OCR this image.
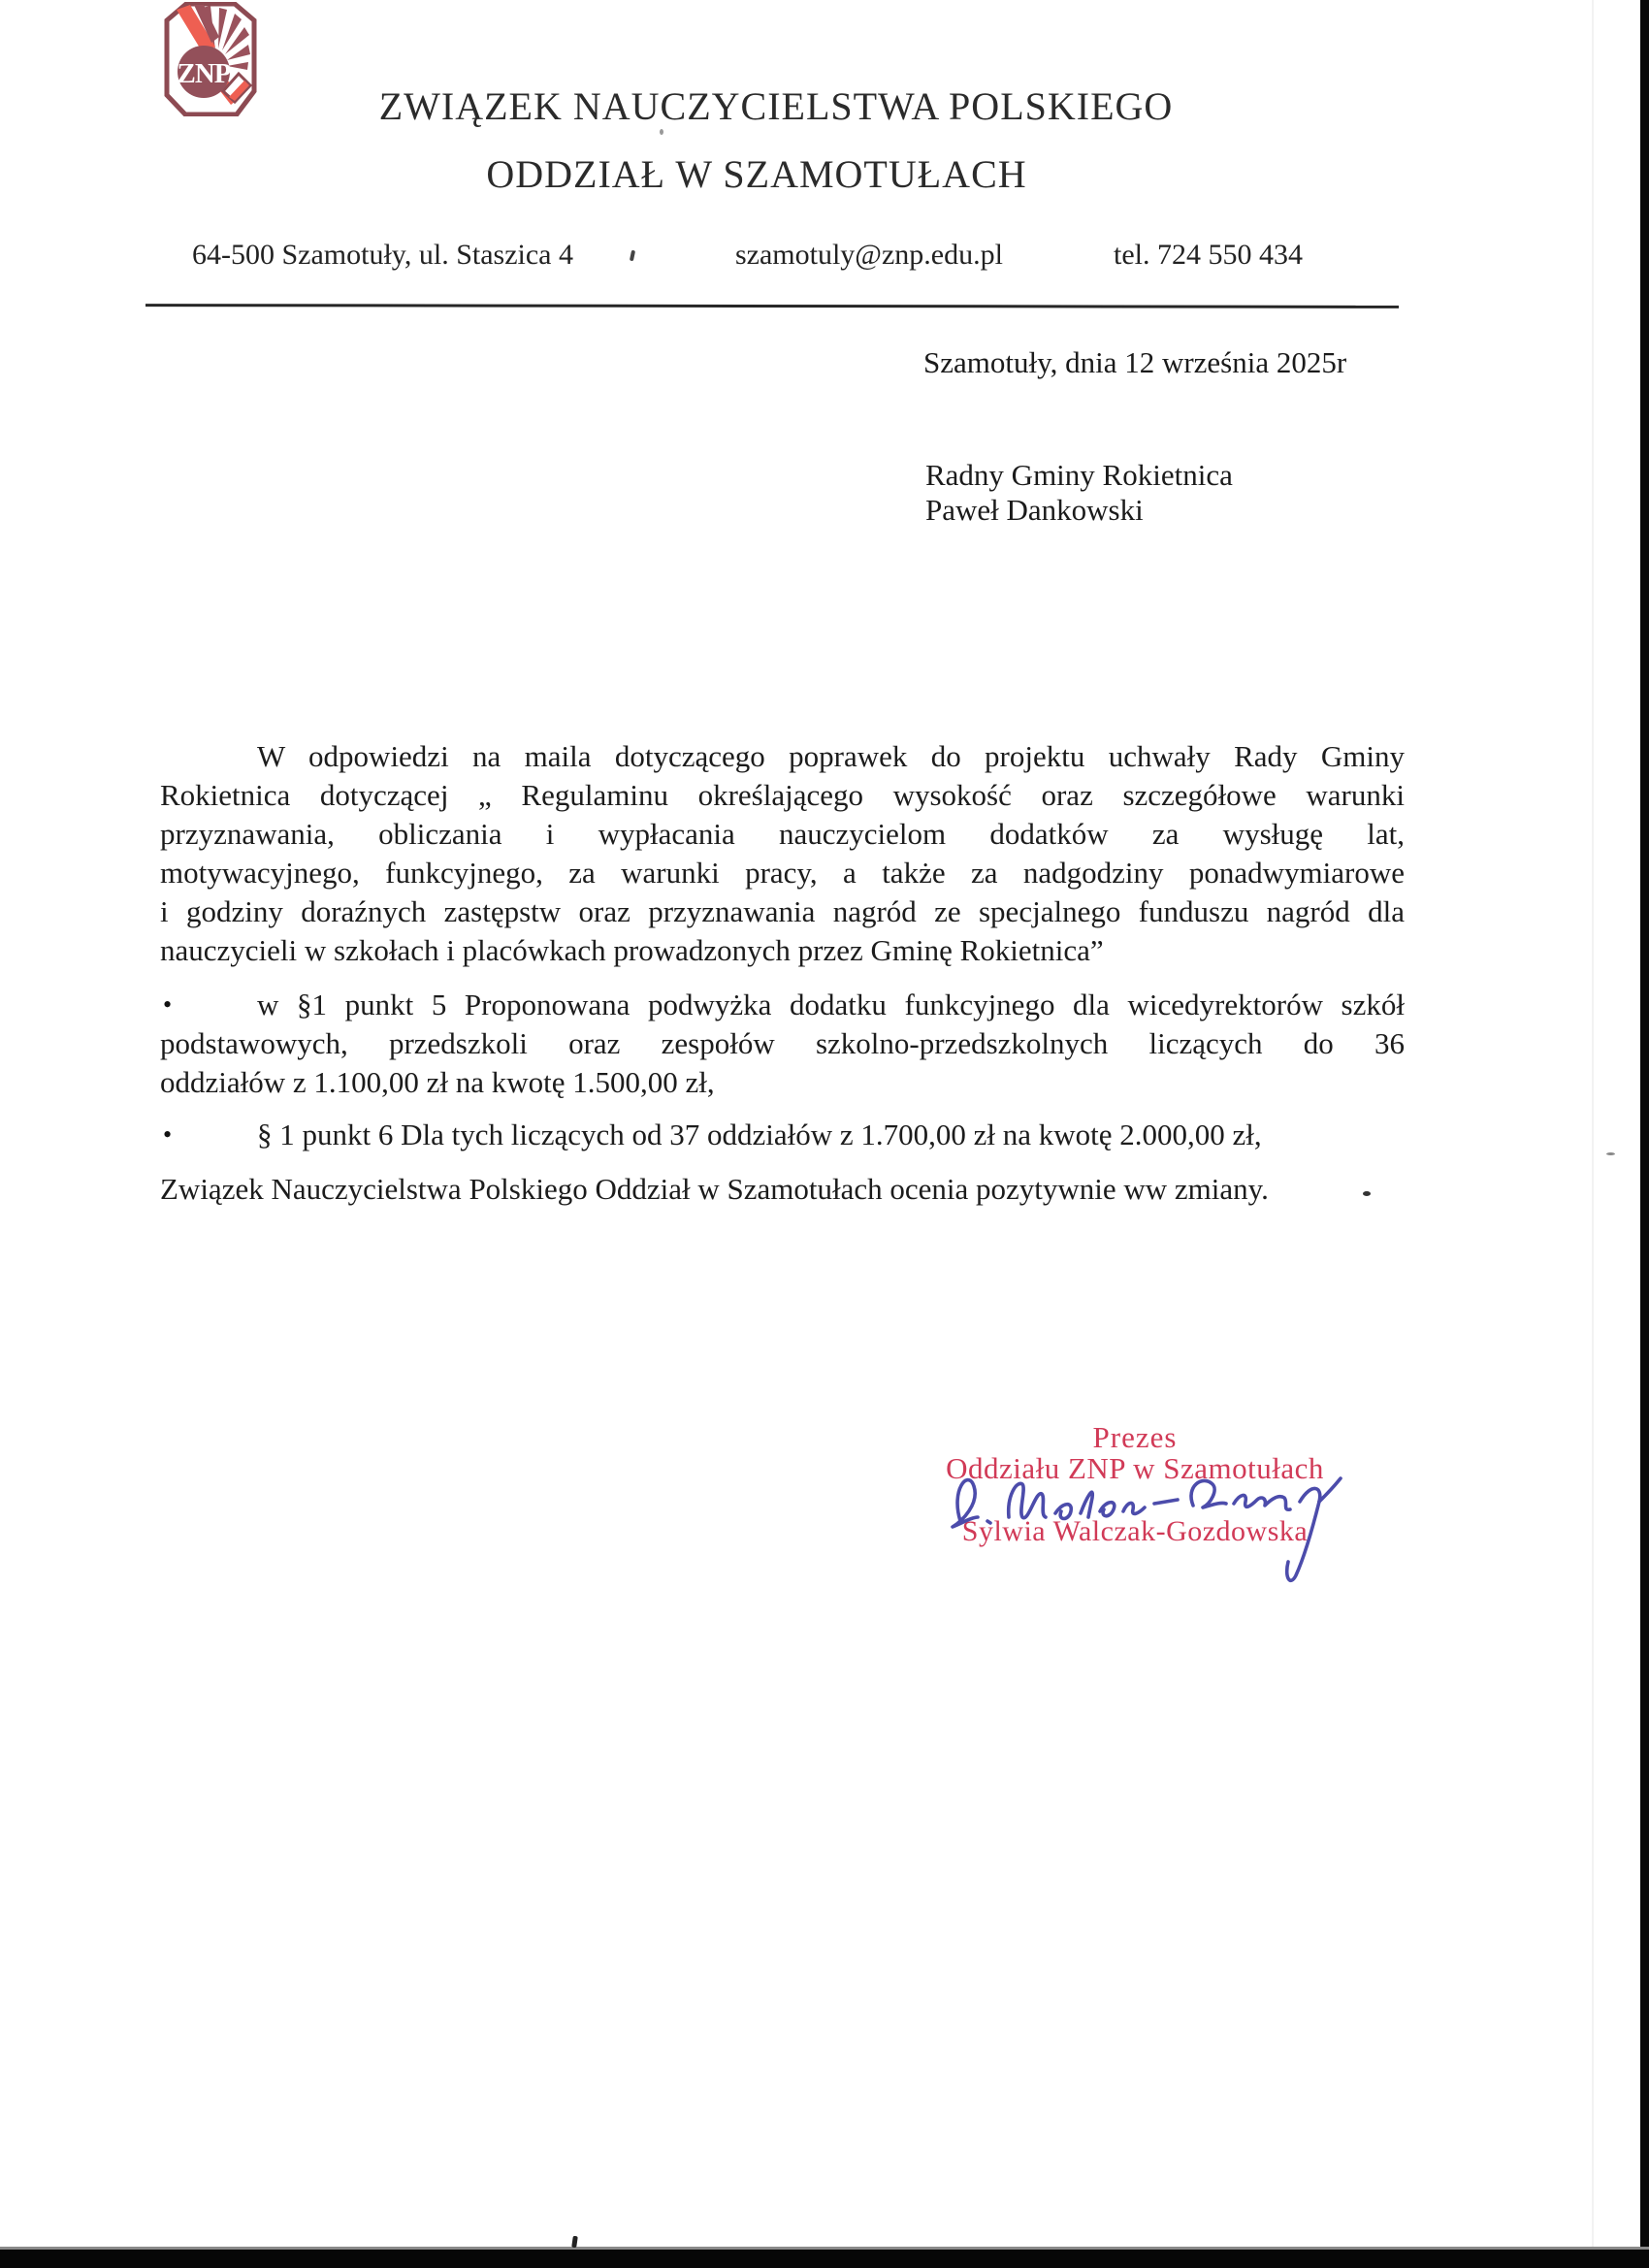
ZNP
ZWIĄZEK NAUCZYCIELSTWA POLSKIEGO
ODDZIAŁ W SZAMOTUŁACH
64-500 Szamotuły, ul. Staszica 4	szamotuly@znp.edu.pl	tel. 724 550 434
Szamotuły, dnia 12 września 2025r
Radny Gminy Rokietnica
Paweł Dankowski
W odpowiedzi na maila dotyczącego poprawek do projektu uchwały Rady Gminy
Rokietnica dotyczącej „ Regulaminu określającego wysokość oraz szczegółowe warunki
przyznawania, obliczania i wypłacania nauczycielom dodatków za wysługę lat,
motywacyjnego, funkcyjnego, za warunki pracy, a także za nadgodziny ponadwymiarowe
i godziny doraźnych zastępstw oraz przyznawania nagród ze specjalnego funduszu nagród dla
nauczycieli w szkołach i placówkach prowadzonych przez Gminę Rokietnica”
•	w §1 punkt 5 Proponowana podwyżka dodatku funkcyjnego dla wicedyrektorów szkół
podstawowych, przedszkoli oraz zespołów szkolno-przedszkolnych liczących do 36
oddziałów z 1.100,00 zł na kwotę 1.500,00 zł,
•	§ 1 punkt 6 Dla tych liczących od 37 oddziałów z 1.700,00 zł na kwotę 2.000,00 zł,
Związek Nauczycielstwa Polskiego Oddział w Szamotułach ocenia pozytywnie ww zmiany.
Prezes
Oddziału ZNP w Szamotułach
Sylwia Walczak-Gozdowska
